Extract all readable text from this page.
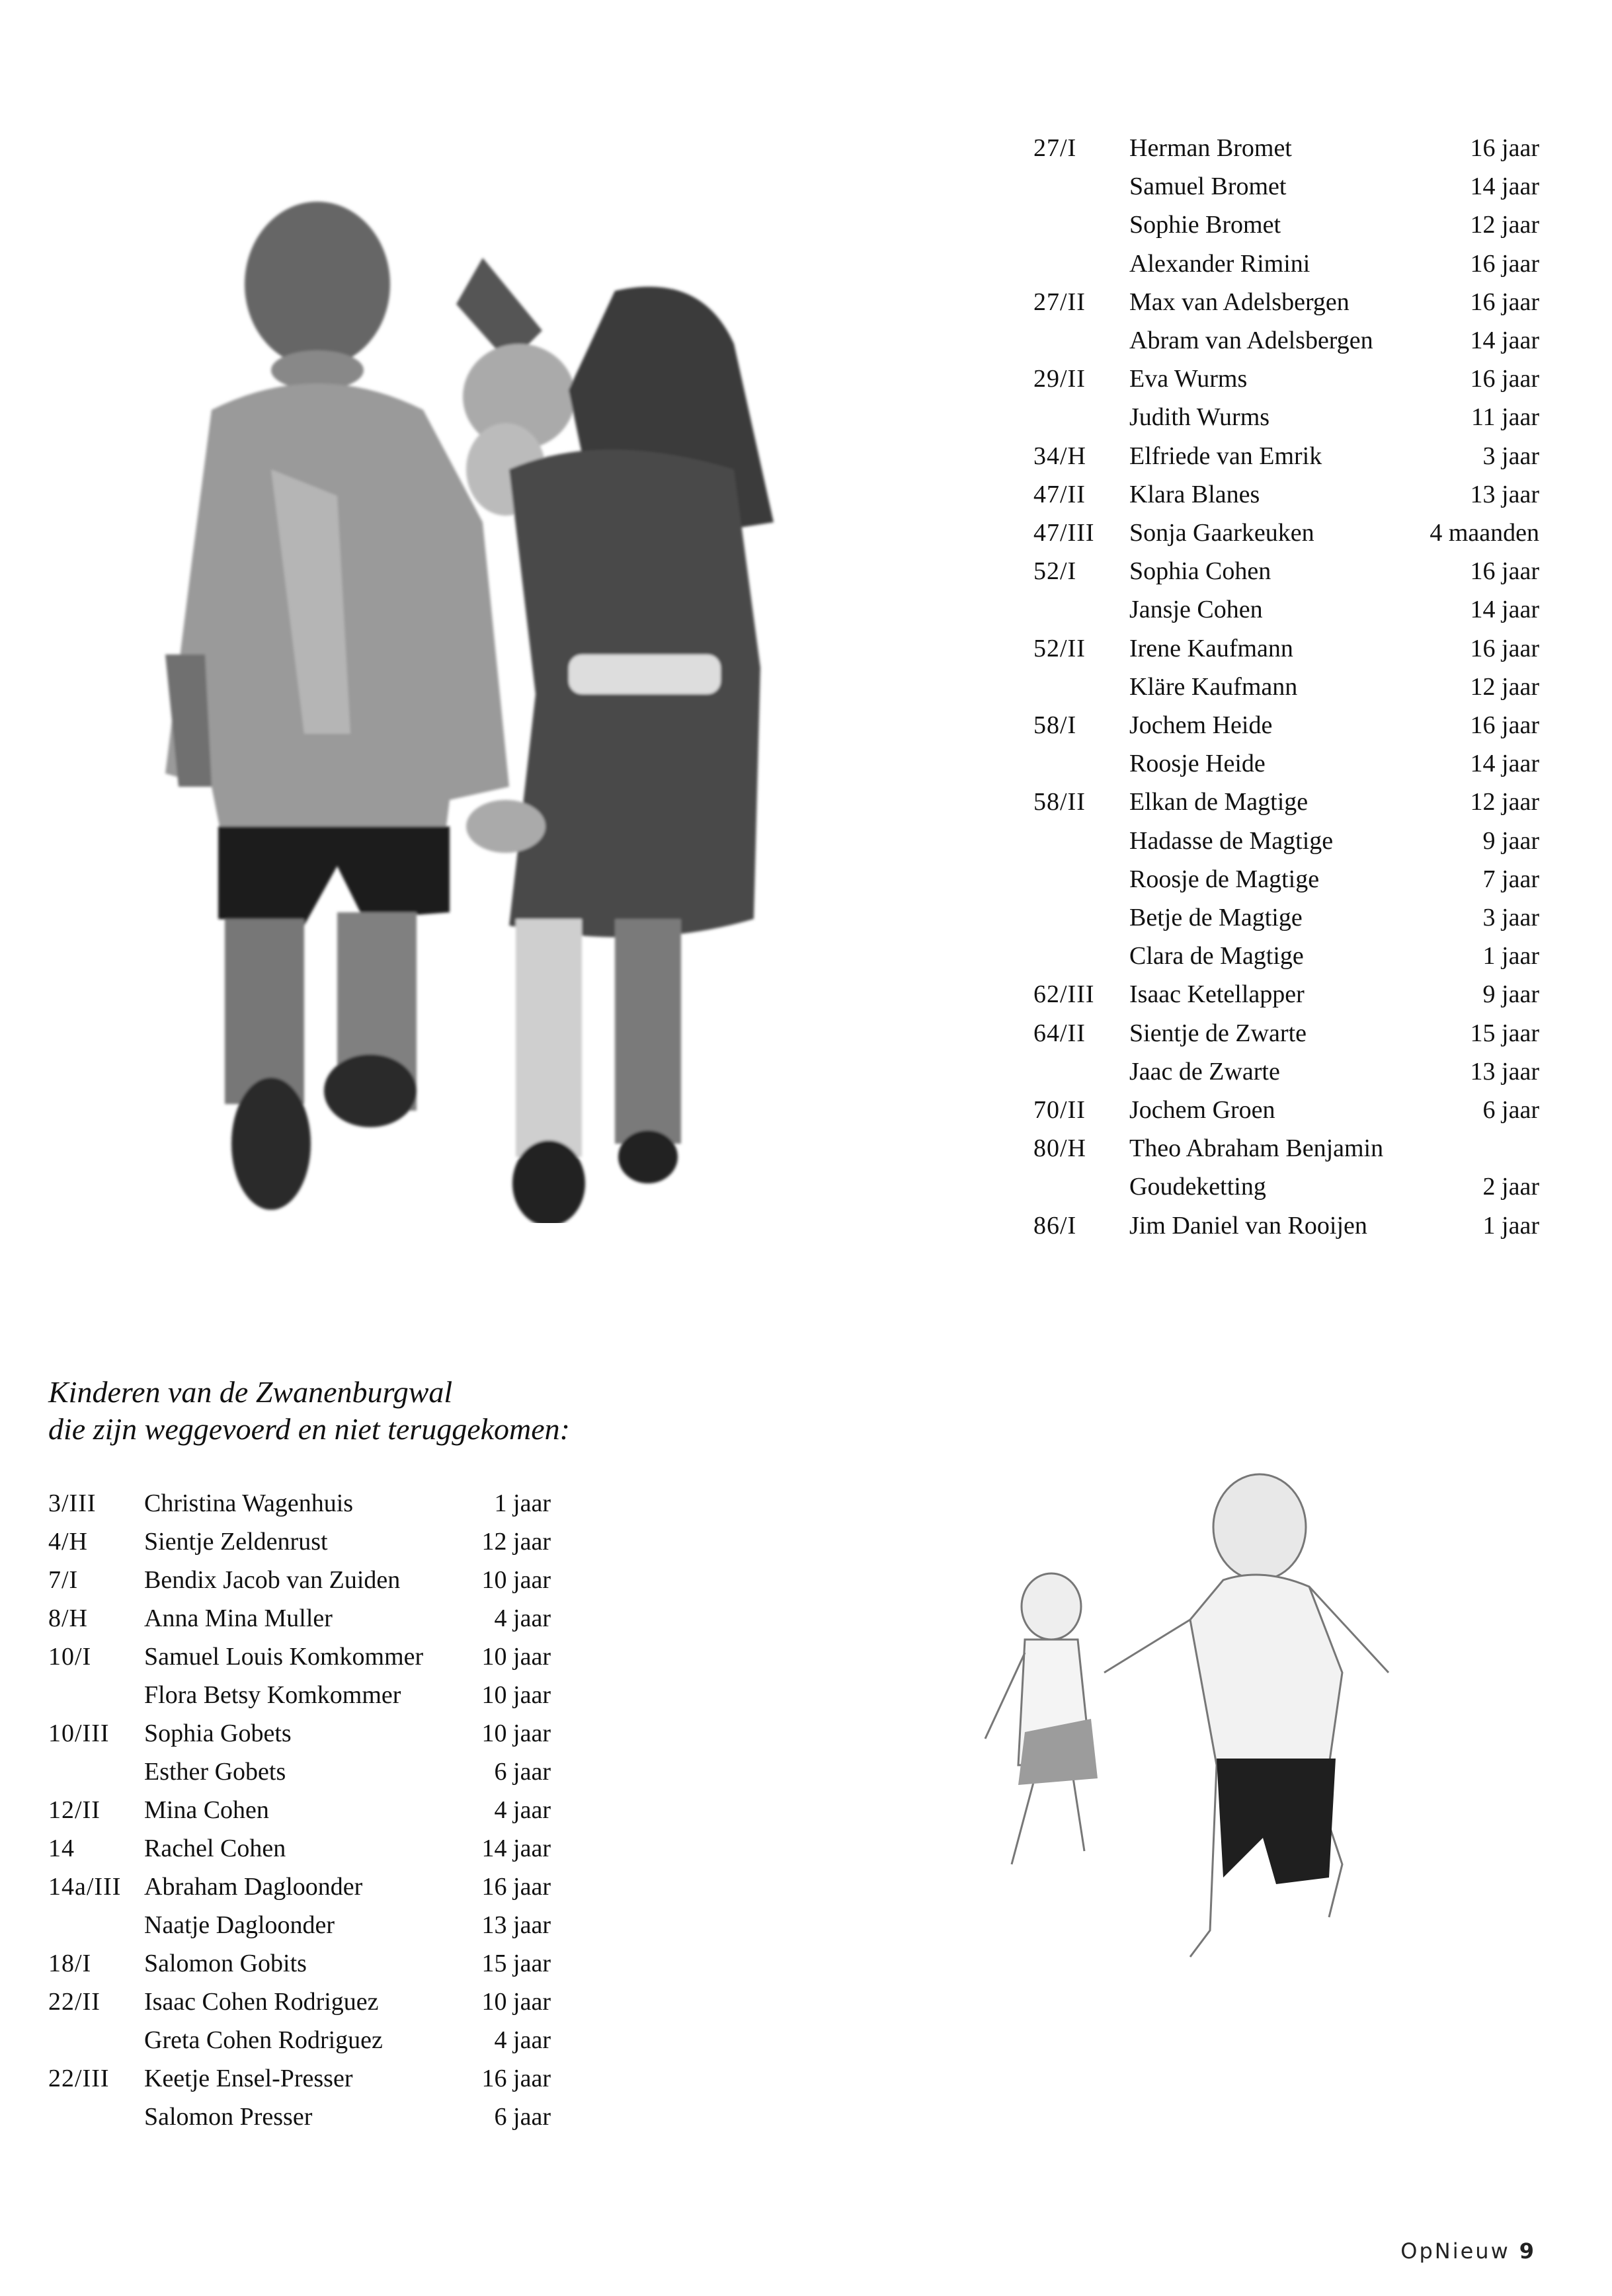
27/I Herman Bromet	16 jaar
Samuel Bromet	14 jaar
Sophie Bromet	12 jaar
Alexander Rimini	16 jaar
27/II Max van Adelsbergen	16 jaar
Abram van Adelsbergen	14 jaar
29/II Eva Wurms	16 jaar
Judith Wurms	11 jaar
34/H Elfriede van Emrik	3 jaar
47/II Klara Blanes	13 jaar
47/III Sonja Gaarkeuken	4 maanden
52/I Sophia Cohen	16 jaar
Jansje Cohen	14 jaar
52/II Irene Kaufmann	16 jaar
Kläre Kaufmann	12 jaar
58/I Jochem Heide	16 jaar
Roosje Heide	14 jaar
58/II Elkan de Magtige	12 jaar
Hadasse de Magtige	9 jaar
Roosje de Magtige	7 jaar
Betje de Magtige	3 jaar
Clara de Magtige	1 jaar
62/III Isaac Ketellapper	9 jaar
64/II Sientje de Zwarte	15 jaar
Jaac de Zwarte	13 jaar
70/II Jochem Groen	6 jaar
80/H Theo Abraham Benjamin
Goudeketting	2 jaar
86/I Jim Daniel van Rooijen	1 jaar
Kinderen van de Zwanenburgwal
die zijn weggevoerd en niet teruggekomen:
3/III Christina Wagenhuis	1 jaar
4/H Sientje Zeldenrust	12 jaar
7/I	Bendix Jacob van Zuiden	10 jaar
8/H Anna Mina Muller	4 jaar
10/I Samuel Louis Komkommer 10 jaar
Flora Betsy Komkommer	10 jaar
10/III Sophia Gobets	10 jaar
Esther Gobets	6 jaar
12/II Mina Cohen	4 jaar
14	Rachel Cohen	14 jaar
14a/III Abraham Dagloonder	16 jaar
Naatje Dagloonder	13 jaar
18/I Salomon Gobits	15 jaar
22/II Isaac Cohen Rodriguez	10 jaar
Greta Cohen Rodriguez	4 jaar
22/III Keetje Ensel-Presser	16 jaar
Salomon Presser	6 jaar
OpNieuw 9
